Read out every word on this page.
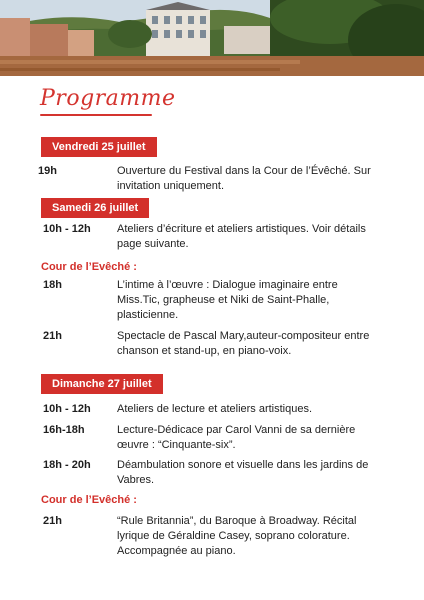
Programme
Vendredi 25 juillet
19h	Ouverture du Festival dans la Cour de l’Évêché. Sur invitation uniquement.
Samedi 26 juillet
10h - 12h Ateliers d’écriture et ateliers artistiques. Voir détails page suivante.
Cour de l’Evêché :
18h	L’intime à l’œuvre : Dialogue imaginaire entre Miss.Tic, grapheuse et Niki de Saint-Phalle, plasticienne.
21h	Spectacle de Pascal Mary,auteur-compositeur entre chanson et stand-up, en piano-voix.
Dimanche 27 juillet
10h - 12h Ateliers de lecture et ateliers artistiques.
16h-18h	Lecture-Dédicace par Carol Vanni de sa dernière œuvre : “Cinquante-six”.
18h - 20h Déambulation sonore et visuelle dans les jardins de Vabres.
Cour de l’Evêché :
21h	“Rule Britannia”, du Baroque à Broadway. Récital lyrique de Géraldine Casey, soprano colorature. Accompagnée au piano.
